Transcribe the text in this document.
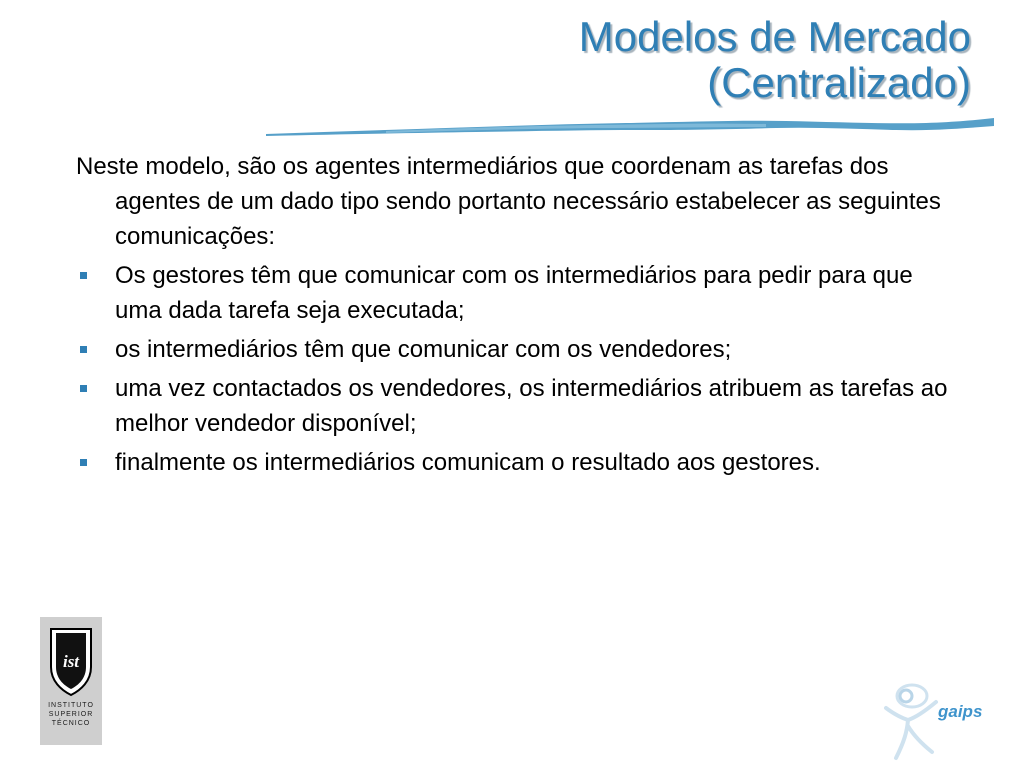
Modelos de Mercado
(Centralizado)

Neste modelo, são os agentes intermediários que coordenam as tarefas dos agentes de um dado tipo sendo portanto necessário estabelecer as seguintes comunicações:

Os gestores têm que comunicar com os intermediários para pedir para que uma dada tarefa seja executada;
os intermediários têm que comunicar com os vendedores;
uma vez contactados os vendedores, os intermediários atribuem as tarefas ao melhor vendedor disponível;
finalmente os intermediários comunicam o resultado aos gestores.
ist
INSTITUTO
SUPERIOR
TÉCNICO
gaips
